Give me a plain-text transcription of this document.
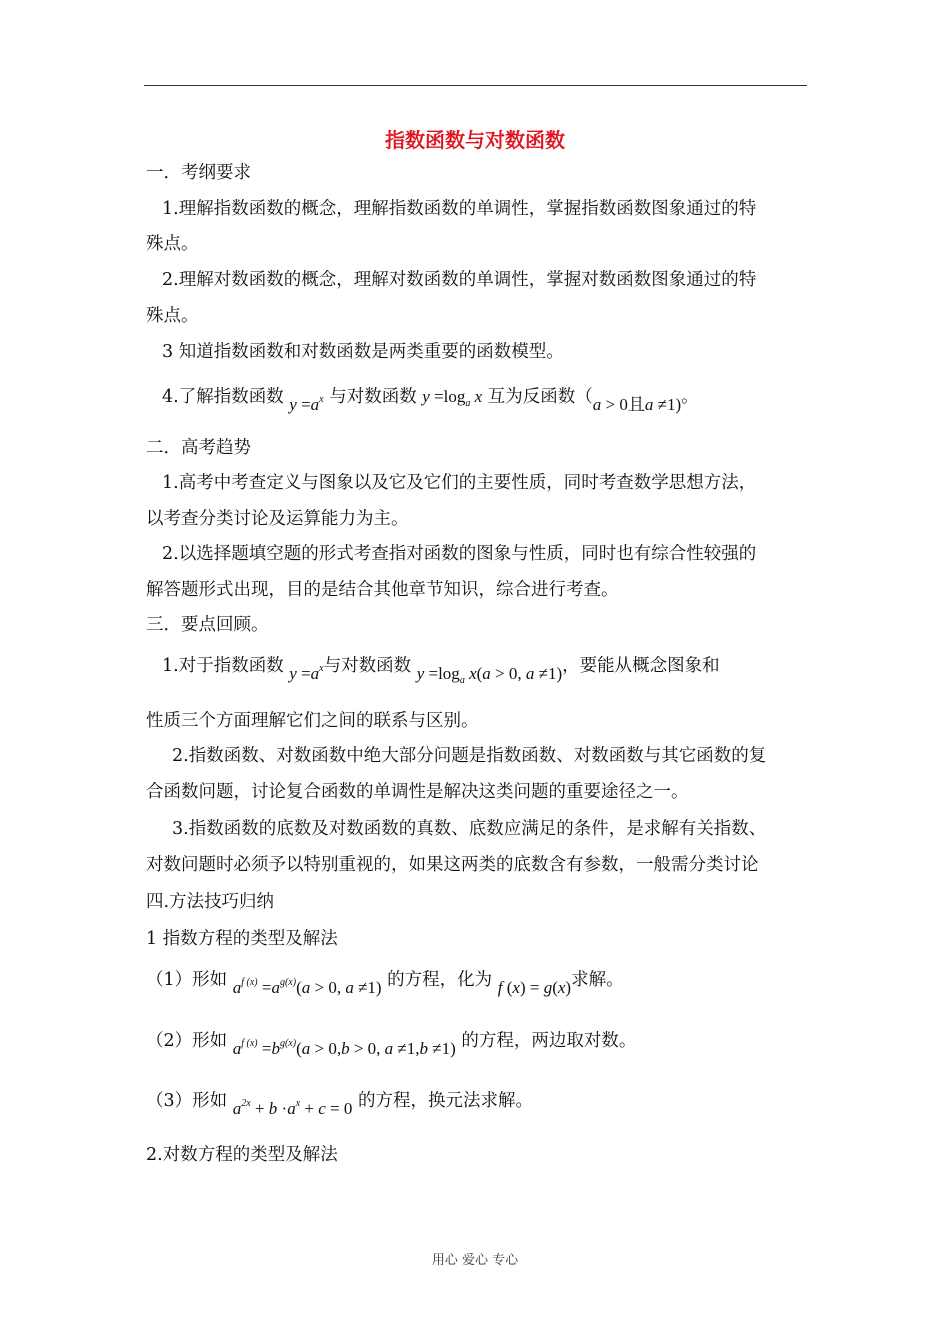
指数函数与对数函数
一．考纲要求
1.理解指数函数的概念，理解指数函数的单调性，掌握指数函数图象通过的特
殊点。
2.理解对数函数的概念，理解对数函数的单调性，掌握对数函数图象通过的特
殊点。
3 知道指数函数和对数函数是两类重要的函数模型。
4.了解指数函数 $y =a^x$ 与对数函数 $y =\log_a$ x 互为反函数（a > 0且a ≠1)。
二．高考趋势
1.高考中考查定义与图象以及它及它们的主要性质，同时考查数学思想方法，
以考查分类讨论及运算能力为主。
2.以选择题填空题的形式考查指对函数的图象与性质，同时也有综合性较强的
解答题形式出现，目的是结合其他章节知识，综合进行考查。
三．要点回顾。
1.对于指数函数 $y =a^x$与对数函数 $y =\log_a$ x(a > 0, a ≠1)，要能从概念图象和
性质三个方面理解它们之间的联系与区别。
2.指数函数、对数函数中绝大部分问题是指数函数、对数函数与其它函数的复
合函数问题，讨论复合函数的单调性是解决这类问题的重要途径之一。
3.指数函数的底数及对数函数的真数、底数应满足的条件，是求解有关指数、
对数问题时必须予以特别重视的，如果这两类的底数含有参数，一般需分类讨论
四.方法技巧归纳
1 指数方程的类型及解法
（1）形如 $a^{f (x)} =a^{g(x)}(a > 0$, a ≠1) 的方程，化为 f (x) = g(x)求解。
（2）形如 $a^{f (x)} =b^{g(x)}(a > 0,b > 0$, a ≠1,b ≠1) 的方程，两边取对数。
（3）形如 $a^{2x} + b \cdot a^x + c = 0$ 的方程，换元法求解。
2.对数方程的类型及解法
用心 爱心 专心
